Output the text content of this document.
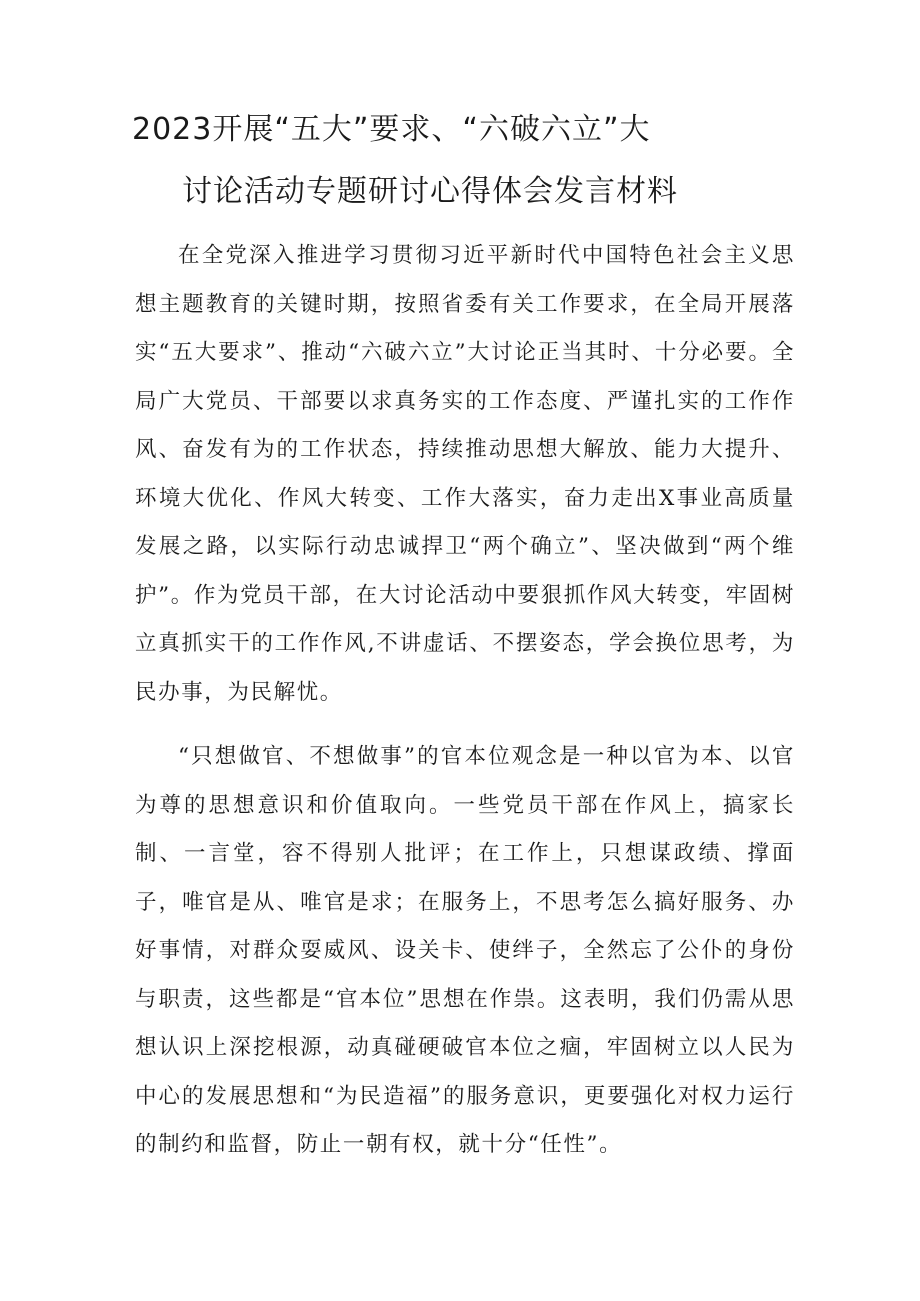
2023开展“五大”要求、“六破六立”大
讨论活动专题研讨心得体会发言材料

在全党深入推进学习贯彻习近平新时代中国特色社会主义思想主题教育的关键时期，按照省委有关工作要求，在全局开展落实“五大要求”、推动“六破六立”大讨论正当其时、十分必要。全局广大党员、干部要以求真务实的工作态度、严谨扎实的工作作风、奋发有为的工作状态，持续推动思想大解放、能力大提升、环境大优化、作风大转变、工作大落实，奋力走出X事业高质量发展之路，以实际行动忠诚捍卫“两个确立”、坚决做到“两个维护”。作为党员干部，在大讨论活动中要狠抓作风大转变，牢固树立真抓实干的工作作风,不讲虚话、不摆姿态，学会换位思考，为民办事，为民解忧。

“只想做官、不想做事”的官本位观念是一种以官为本、以官为尊的思想意识和价值取向。一些党员干部在作风上，搞家长制、一言堂，容不得别人批评；在工作上，只想谋政绩、撑面子，唯官是从、唯官是求；在服务上，不思考怎么搞好服务、办好事情，对群众耍威风、设关卡、使绊子，全然忘了公仆的身份与职责，这些都是“官本位”思想在作祟。这表明，我们仍需从思想认识上深挖根源，动真碰硬破官本位之痼，牢固树立以人民为中心的发展思想和“为民造福”的服务意识，更要强化对权力运行的制约和监督，防止一朝有权，就十分“任性”。
